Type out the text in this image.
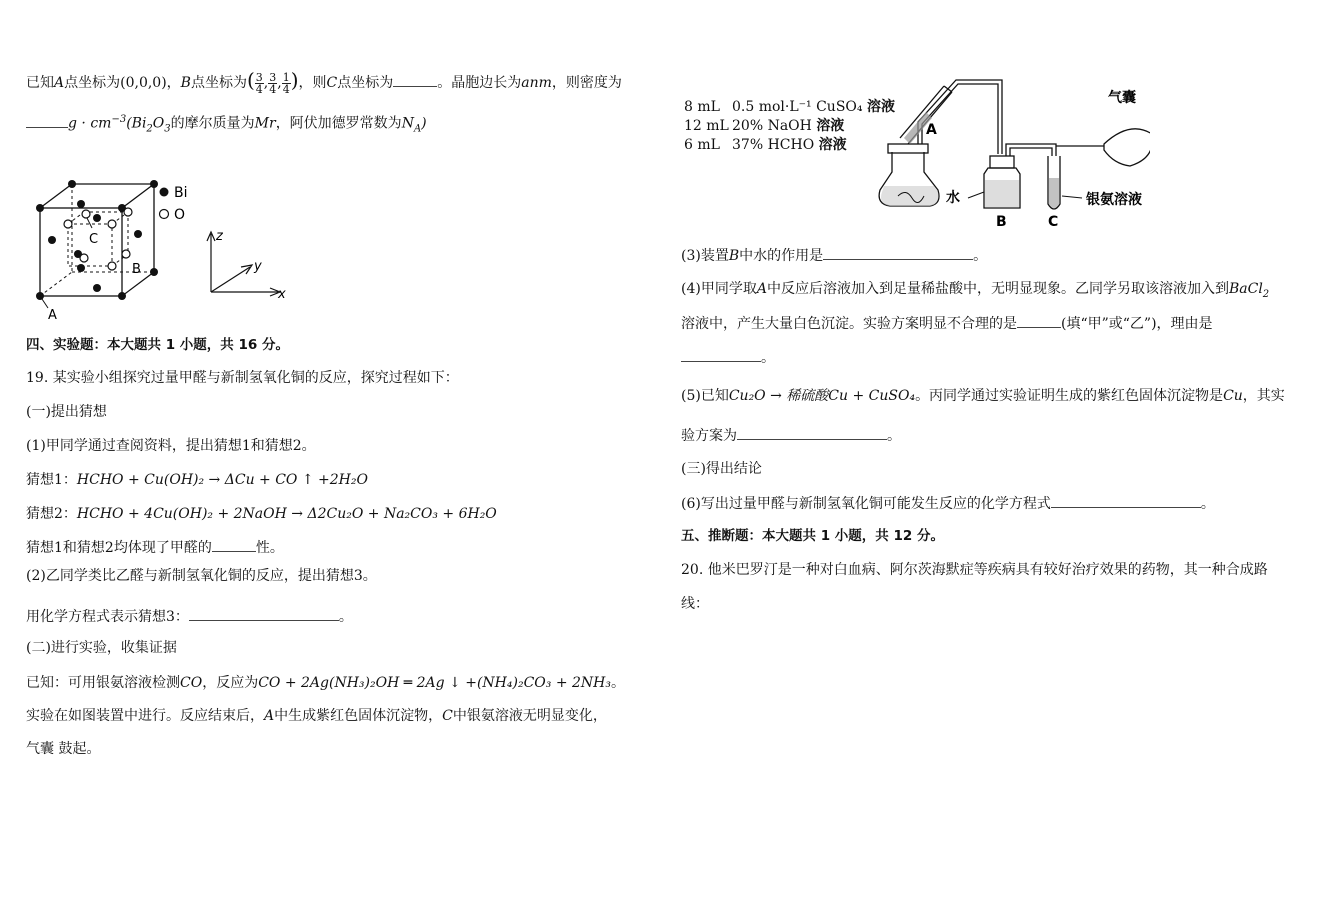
已知A点坐标为(0,0,0)，B点坐标为( $\frac{3}{4}$ , $\frac{3}{4}$ , $\frac{1}{4}$ )，则C点坐标为	。晶胞边长为anm，则密度为
$g \cdot cm^{-3}(Bi_2O_3$的摩尔质量为Mr，阿伏加德罗常数为$N_A$)
Bi
O
C
B
A
z
y
x
四、实验题：本大题共 1 小题，共 16 分。
19. 某实验小组探究过量甲醛与新制氢氧化铜的反应，探究过程如下：
(一)提出猜想
(1)甲同学通过查阅资料，提出猜想1和猜想2。
猜想1：HCHO + Cu(OH)₂ → ΔCu + CO ↑ +2H₂O
猜想2：HCHO + 4Cu(OH)₂ + 2NaOH → Δ2Cu₂O + Na₂CO₃ + 6H₂O
猜想1和猜想2均体现了甲醛的	性。
(2)乙同学类比乙醛与新制氢氧化铜的反应，提出猜想3。
用化学方程式表示猜想3：	。
(二)进行实验，收集证据
已知：可用银氨溶液检测CO，反应为CO + 2Ag(NH₃)₂OH ═ 2Ag ↓ +(NH₄)₂CO₃ + 2NH₃。
实验在如图装置中进行。反应结束后，A中生成紫红色固体沉淀物，C中银氨溶液无明显变化，
气囊 鼓起。
8 mL 0.5 mol·L⁻¹ CuSO₄ 溶液
12 mL 20% NaOH 溶液
6 mL 37% HCHO 溶液
A
水
B	C
气囊
银氨溶液
(3)装置B中水的作用是	。
(4)甲同学取A中反应后溶液加入到足量稀盐酸中，无明显现象。乙同学另取该溶液加入到BaCl$_2$
溶液中，产生大量白色沉淀。实验方案明显不合理的是	(填“甲”或“乙”)，理由是
。
(5)已知Cu₂O → 稀硫酸Cu + CuSO₄。丙同学通过实验证明生成的紫红色固体沉淀物是Cu，其实
验方案为	。
(三)得出结论
(6)写出过量甲醛与新制氢氧化铜可能发生反应的化学方程式	。
五、推断题：本大题共 1 小题，共 12 分。
20. 他米巴罗汀是一种对白血病、阿尔茨海默症等疾病具有较好治疗效果的药物，其一种合成路
线：
